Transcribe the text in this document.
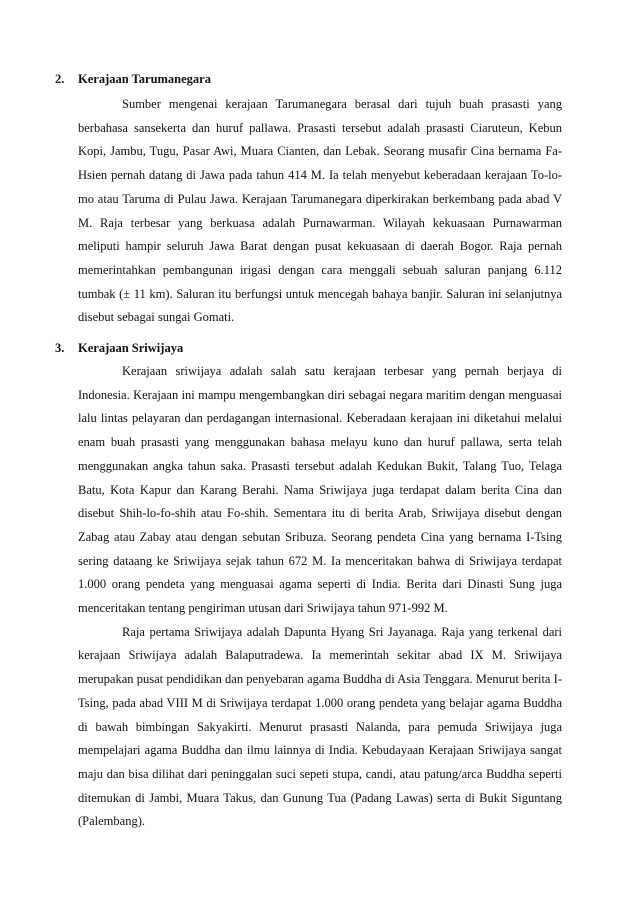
2. Kerajaan Tarumanegara

Sumber mengenai kerajaan Tarumanegara berasal dari tujuh buah prasasti yang berbahasa sansekerta dan huruf pallawa. Prasasti tersebut adalah prasasti Ciaruteun, Kebun Kopi, Jambu, Tugu, Pasar Awi, Muara Cianten, dan Lebak. Seorang musafir Cina bernama Fa-Hsien pernah datang di Jawa pada tahun 414 M. Ia telah menyebut keberadaan kerajaan To-lo-mo atau Taruma di Pulau Jawa. Kerajaan Tarumanegara diperkirakan berkembang pada abad V M. Raja terbesar yang berkuasa adalah Purnawarman. Wilayah kekuasaan Purnawarman meliputi hampir seluruh Jawa Barat dengan pusat kekuasaan di daerah Bogor. Raja pernah memerintahkan pembangunan irigasi dengan cara menggali sebuah saluran panjang 6.112 tumbak (± 11 km). Saluran itu berfungsi untuk mencegah bahaya banjir. Saluran ini selanjutnya disebut sebagai sungai Gomati.

3. Kerajaan Sriwijaya

Kerajaan sriwijaya adalah salah satu kerajaan terbesar yang pernah berjaya di Indonesia. Kerajaan ini mampu mengembangkan diri sebagai negara maritim dengan menguasai lalu lintas pelayaran dan perdagangan internasional. Keberadaan kerajaan ini diketahui melalui enam buah prasasti yang menggunakan bahasa melayu kuno dan huruf pallawa, serta telah menggunakan angka tahun saka. Prasasti tersebut adalah Kedukan Bukit, Talang Tuo, Telaga Batu, Kota Kapur dan Karang Berahi. Nama Sriwijaya juga terdapat dalam berita Cina dan disebut Shih-lo-fo-shih atau Fo-shih. Sementara itu di berita Arab, Sriwijaya disebut dengan Zabag atau Zabay atau dengan sebutan Sribuza. Seorang pendeta Cina yang bernama I-Tsing sering dataang ke Sriwijaya sejak tahun 672 M. Ia menceritakan bahwa di Sriwijaya terdapat 1.000 orang pendeta yang menguasai agama seperti di India. Berita dari Dinasti Sung juga menceritakan tentang pengiriman utusan dari Sriwijaya tahun 971-992 M.

Raja pertama Sriwijaya adalah Dapunta Hyang Sri Jayanaga. Raja yang terkenal dari kerajaan Sriwijaya adalah Balaputradewa. Ia memerintah sekitar abad IX M. Sriwijaya merupakan pusat pendidikan dan penyebaran agama Buddha di Asia Tenggara. Menurut berita I-Tsing, pada abad VIII M di Sriwijaya terdapat 1.000 orang pendeta yang belajar agama Buddha di bawah bimbingan Sakyakirti. Menurut prasasti Nalanda, para pemuda Sriwijaya juga mempelajari agama Buddha dan ilmu lainnya di India. Kebudayaan Kerajaan Sriwijaya sangat maju dan bisa dilihat dari peninggalan suci sepeti stupa, candi, atau patung/arca Buddha seperti ditemukan di Jambi, Muara Takus, dan Gunung Tua (Padang Lawas) serta di Bukit Siguntang (Palembang).
